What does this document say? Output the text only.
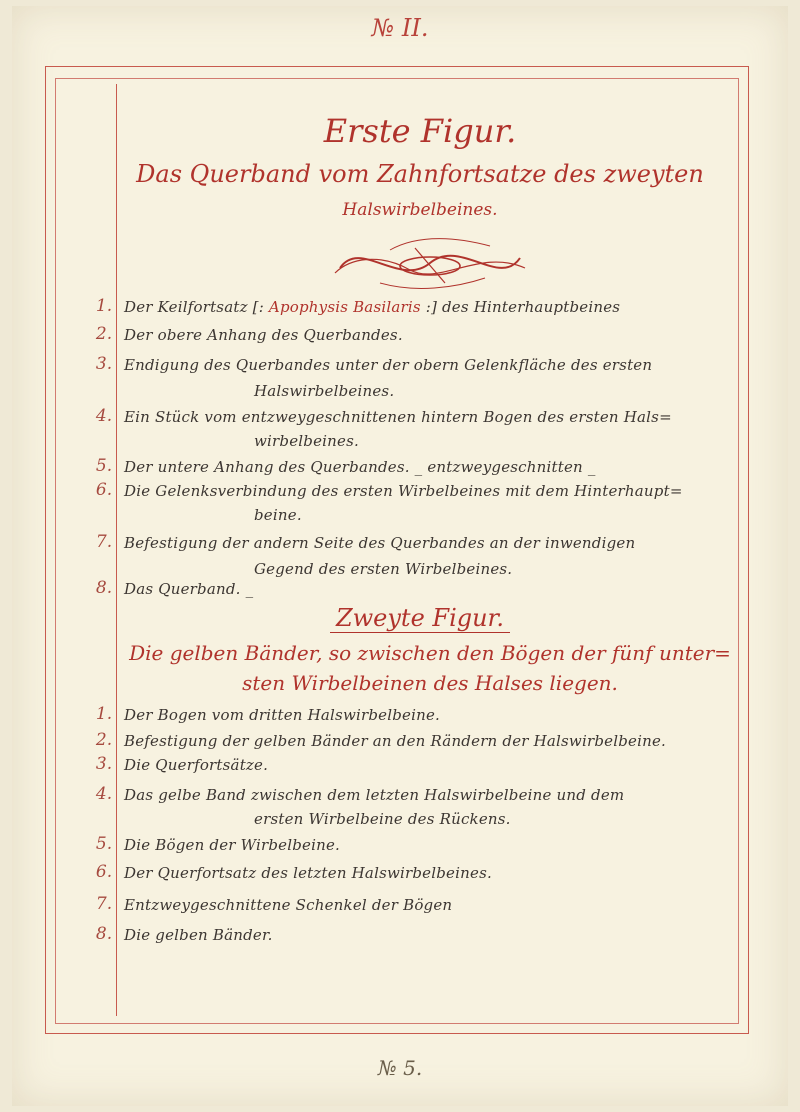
№ II.
Erste Figur.
Das Querband vom Zahnfortsatze des zweyten
Halswirbelbeines.
1. Der Keilfortsatz [: Apophysis Basilaris :] des Hinterhauptbeines
2. Der obere Anhang des Querbandes.
3. Endigung des Querbandes unter der obern Gelenkfläche des ersten
Halswirbelbeines.
4. Ein Stück vom entzweygeschnittenen hintern Bogen des ersten Hals=
wirbelbeines.
5. Der untere Anhang des Querbandes. _ entzweygeschnitten _
6. Die Gelenksverbindung des ersten Wirbelbeines mit dem Hinterhaupt=
beine.
7. Befestigung der andern Seite des Querbandes an der inwendigen
Gegend des ersten Wirbelbeines.
8. Das Querband. _
Zweyte Figur.
Die gelben Bänder, so zwischen den Bögen der fünf unter=
sten Wirbelbeinen des Halses liegen.
1. Der Bogen vom dritten Halswirbelbeine.
2. Befestigung der gelben Bänder an den Rändern der Halswirbelbeine.
3. Die Querfortsätze.
4. Das gelbe Band zwischen dem letzten Halswirbelbeine und dem
ersten Wirbelbeine des Rückens.
5. Die Bögen der Wirbelbeine.
6. Der Querfortsatz des letzten Halswirbelbeines.
7. Entzweygeschnittene Schenkel der Bögen
8. Die gelben Bänder.
№ 5.
